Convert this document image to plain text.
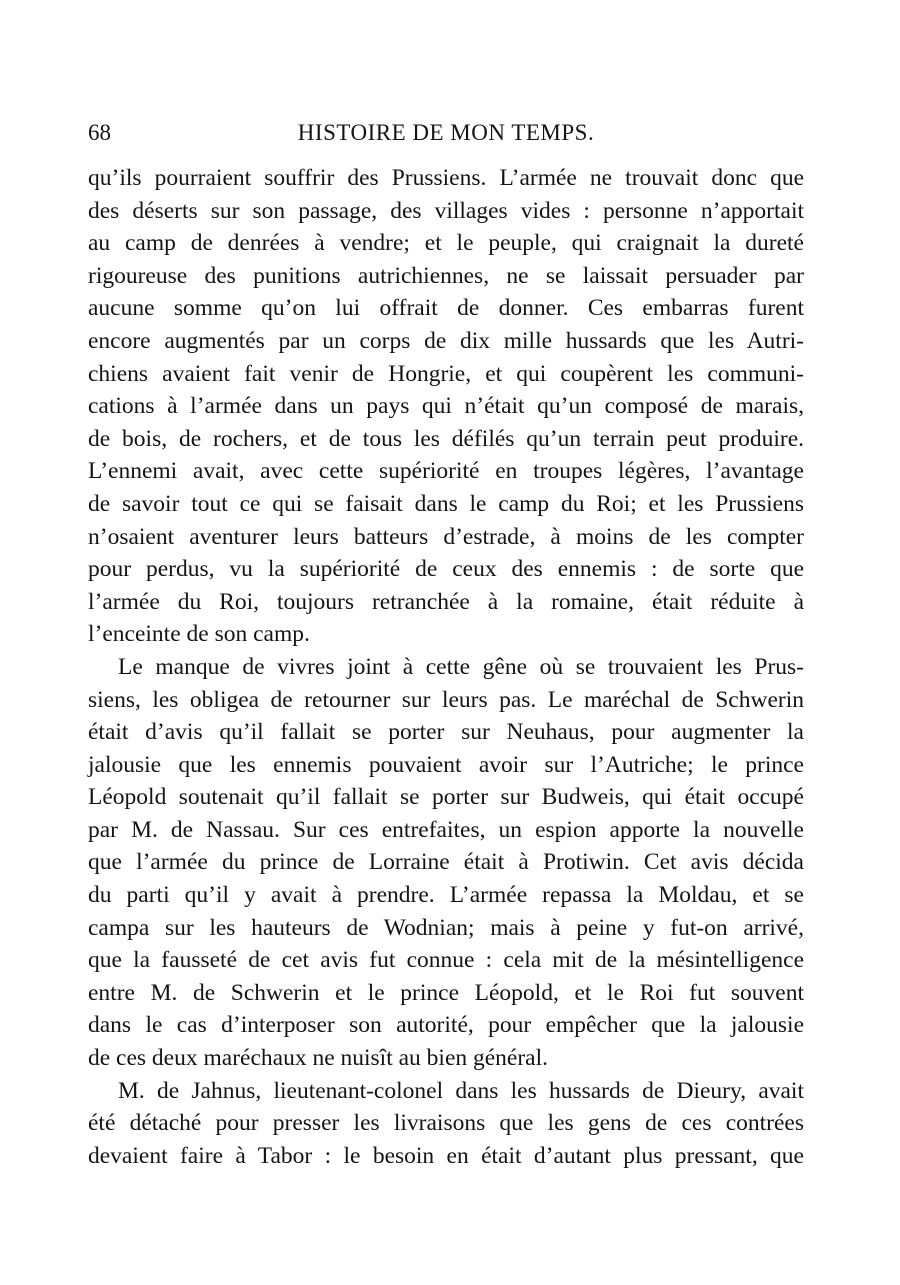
68	HISTOIRE DE MON TEMPS.

qu’ils pourraient souffrir des Prussiens. L’armée ne trouvait donc que
des déserts sur son passage, des villages vides : personne n’apportait
au camp de denrées à vendre; et le peuple, qui craignait la dureté
rigoureuse des punitions autrichiennes, ne se laissait persuader par
aucune somme qu’on lui offrait de donner. Ces embarras furent
encore augmentés par un corps de dix mille hussards que les Autri-
chiens avaient fait venir de Hongrie, et qui coupèrent les communi-
cations à l’armée dans un pays qui n’était qu’un composé de marais,
de bois, de rochers, et de tous les défilés qu’un terrain peut produire.
L’ennemi avait, avec cette supériorité en troupes légères, l’avantage
de savoir tout ce qui se faisait dans le camp du Roi; et les Prussiens
n’osaient aventurer leurs batteurs d’estrade, à moins de les compter
pour perdus, vu la supériorité de ceux des ennemis : de sorte que
l’armée du Roi, toujours retranchée à la romaine, était réduite à
l’enceinte de son camp.

Le manque de vivres joint à cette gêne où se trouvaient les Prus-
siens, les obligea de retourner sur leurs pas. Le maréchal de Schwerin
était d’avis qu’il fallait se porter sur Neuhaus, pour augmenter la
jalousie que les ennemis pouvaient avoir sur l’Autriche; le prince
Léopold soutenait qu’il fallait se porter sur Budweis, qui était occupé
par M. de Nassau. Sur ces entrefaites, un espion apporte la nouvelle
que l’armée du prince de Lorraine était à Protiwin. Cet avis décida
du parti qu’il y avait à prendre. L’armée repassa la Moldau, et se
campa sur les hauteurs de Wodnian; mais à peine y fut-on arrivé,
que la fausseté de cet avis fut connue : cela mit de la mésintelligence
entre M. de Schwerin et le prince Léopold, et le Roi fut souvent
dans le cas d’interposer son autorité, pour empêcher que la jalousie
de ces deux maréchaux ne nuisît au bien général.

M. de Jahnus, lieutenant-colonel dans les hussards de Dieury, avait
été détaché pour presser les livraisons que les gens de ces contrées
devaient faire à Tabor : le besoin en était d’autant plus pressant, que
